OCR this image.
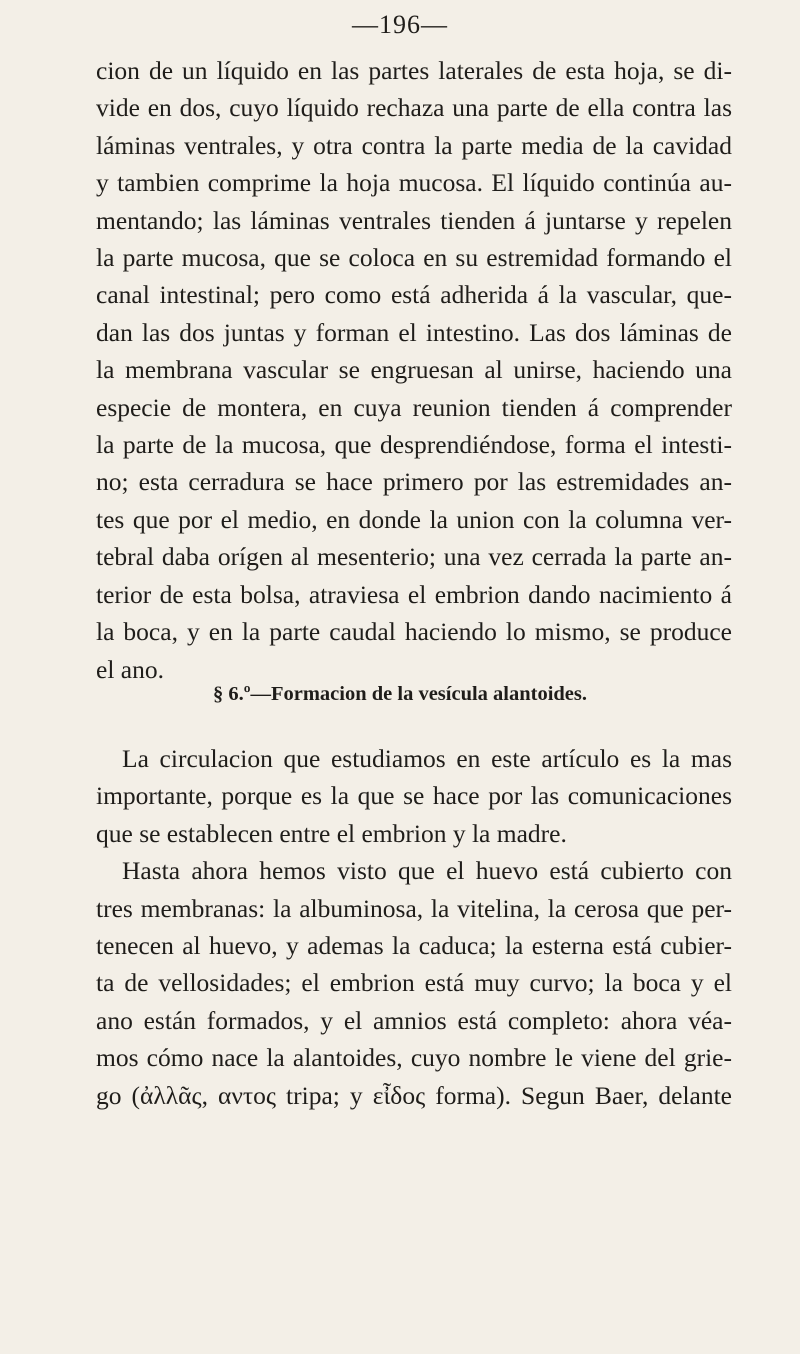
—196—
cion de un líquido en las partes laterales de esta hoja, se di-
vide en dos, cuyo líquido rechaza una parte de ella contra las
láminas ventrales, y otra contra la parte media de la cavidad
y tambien comprime la hoja mucosa. El líquido continúa au-
mentando; las láminas ventrales tienden á juntarse y repelen
la parte mucosa, que se coloca en su estremidad formando el
canal intestinal; pero como está adherida á la vascular, que-
dan las dos juntas y forman el intestino. Las dos láminas de
la membrana vascular se engruesan al unirse, haciendo una
especie de montera, en cuya reunion tienden á comprender
la parte de la mucosa, que desprendiéndose, forma el intesti-
no; esta cerradura se hace primero por las estremidades an-
tes que por el medio, en donde la union con la columna ver-
tebral daba orígen al mesenterio; una vez cerrada la parte an-
terior de esta bolsa, atraviesa el embrion dando nacimiento á
la boca, y en la parte caudal haciendo lo mismo, se produce
el ano.
§ 6.º—Formacion de la vesícula alantoides.
La circulacion que estudiamos en este artículo es la mas
importante, porque es la que se hace por las comunicaciones
que se establecen entre el embrion y la madre.
Hasta ahora hemos visto que el huevo está cubierto con
tres membranas: la albuminosa, la vitelina, la cerosa que per-
tenecen al huevo, y ademas la caduca; la esterna está cubier-
ta de vellosidades; el embrion está muy curvo; la boca y el
ano están formados, y el amnios está completo: ahora véa-
mos cómo nace la alantoides, cuyo nombre le viene del grie-
go (ἀλλᾶς, αντος tripa; y εἶδος forma). Segun Baer, delante
